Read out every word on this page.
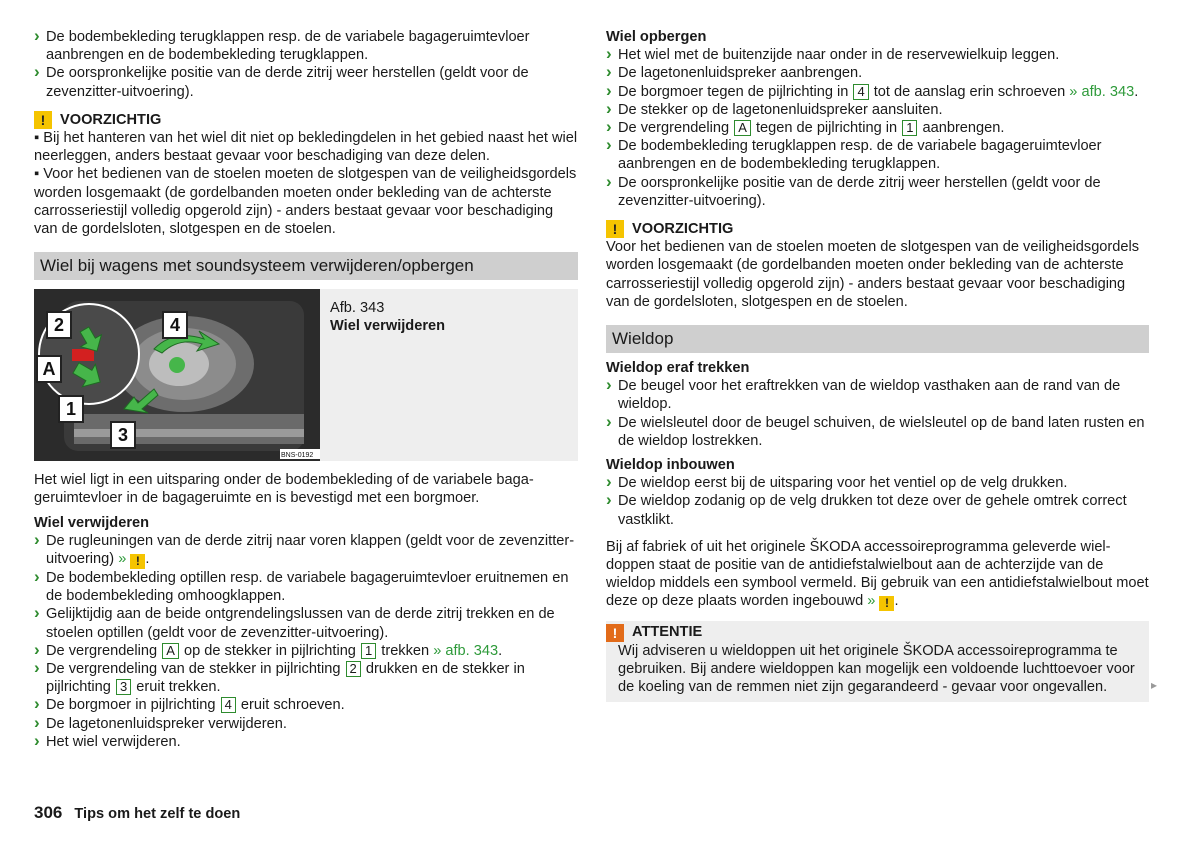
› De bodembekleding terugklappen resp. de de variabele bagageruimtevloer aanbrengen en de bodembekleding terugklappen.

› De oorspronkelijke positie van de derde zitrij weer herstellen (geldt voor de zevenzitter-uitvoering).

!	VOORZICHTIG

▪ Bij het hanteren van het wiel dit niet op bekledingdelen in het gebied naast het wiel neerleggen, anders bestaat gevaar voor beschadiging van deze delen.

▪ Voor het bedienen van de stoelen moeten de slotgespen van de veiligheidsgordels worden losgemaakt (de gordelbanden moeten onder bekleding van de achterste carrosseriestijl volledig opgerold zijn) - anders bestaat gevaar voor beschadiging van de gordelsloten, slotgespen en de stoelen.

Wiel bij wagens met soundsysteem verwijderen/opbergen
BNS-0192
2	4
A
1
3
Afb. 343
Wiel verwijderen

Het wiel ligt in een uitsparing onder de bodembekleding of de variabele bagageruimtevloer in de bagageruimte en is bevestigd met een borgmoer.

Wiel verwijderen

› De rugleuningen van de derde zitrij naar voren klappen (geldt voor de zevenzitter-uitvoering) » ! .

› De bodembekleding optillen resp. de variabele bagageruimtevloer eruitnemen en de bodembekleding omhoogklappen.

› Gelijktijdig aan de beide ontgrendelingslussen van de derde zitrij trekken en de stoelen optillen (geldt voor de zevenzitter-uitvoering).

› De vergrendeling A op de stekker in pijlrichting 1 trekken » afb. 343.

› De vergrendeling van de stekker in pijlrichting 2 drukken en de stekker in pijlrichting 3 eruit trekken.

› De borgmoer in pijlrichting 4 eruit schroeven.

› De lagetonenluidspreker verwijderen.

› Het wiel verwijderen.

Wiel opbergen

› Het wiel met de buitenzijde naar onder in de reservewielkuip leggen.

› De lagetonenluidspreker aanbrengen.

› De borgmoer tegen de pijlrichting in 4 tot de aanslag erin schroeven » afb. 343.

› De stekker op de lagetonenluidspreker aansluiten.

› De vergrendeling A tegen de pijlrichting in 1 aanbrengen.

› De bodembekleding terugklappen resp. de de variabele bagageruimtevloer aanbrengen en de bodembekleding terugklappen.

› De oorspronkelijke positie van de derde zitrij weer herstellen (geldt voor de zevenzitter-uitvoering).

!	VOORZICHTIG

Voor het bedienen van de stoelen moeten de slotgespen van de veiligheidsgordels worden losgemaakt (de gordelbanden moeten onder bekleding van de achterste carrosseriestijl volledig opgerold zijn) - anders bestaat gevaar voor beschadiging van de gordelsloten, slotgespen en de stoelen.

Wieldop

Wieldop eraf trekken

› De beugel voor het eraftrekken van de wieldop vasthaken aan de rand van de wieldop.

› De wielsleutel door de beugel schuiven, de wielsleutel op de band laten rusten en de wieldop lostrekken.

Wieldop inbouwen

› De wieldop eerst bij de uitsparing voor het ventiel op de velg drukken.

› De wieldop zodanig op de velg drukken tot deze over de gehele omtrek correct vastklikt.

Bij af fabriek of uit het originele ŠKODA accessoireprogramma geleverde wieldoppen staat de positie van de antidiefstalwielbout aan de achterzijde van de wieldop middels een symbool vermeld. Bij gebruik van een antidiefstalwielbout moet deze op deze plaats worden ingebouwd » ! .

!	ATTENTIE

Wij adviseren u wieldoppen uit het originele ŠKODA accessoireprogramma te gebruiken. Bij andere wieldoppen kan mogelijk een voldoende luchttoevoer voor de koeling van de remmen niet zijn gegarandeerd - gevaar voor ongevallen.	▸
306 Tips om het zelf te doen
